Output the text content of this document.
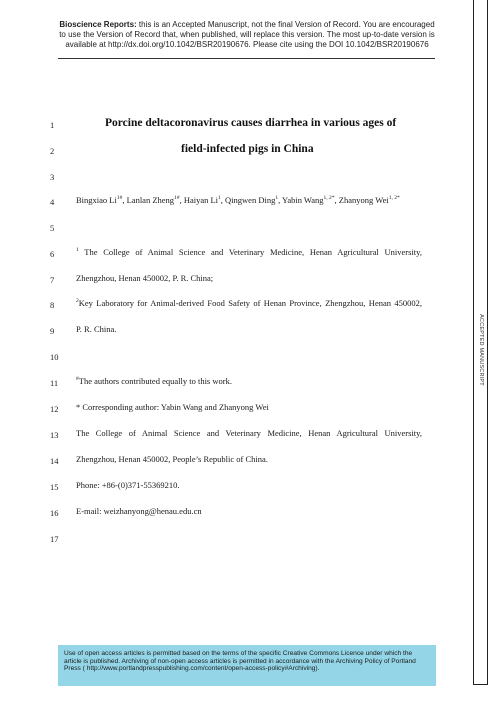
Bioscience Reports: this is an Accepted Manuscript, not the final Version of Record. You are encouraged to use the Version of Record that, when published, will replace this version. The most up-to-date version is available at http://dx.doi.org/10.1042/BSR20190676. Please cite using the DOI 10.1042/BSR20190676
ACCEPTED MANUSCRIPT
1
2
3
4
5
6
7
8
9
10
11
12
13
14
15
16
17
Porcine deltacoronavirus causes diarrhea in various ages of
field-infected pigs in China
Bingxiao $Li^{1\#}$, Lanlan Zheng$^{1\#}$, Haiyan Li$^1$, Qingwen Ding$^1$, Yabin Wang$^{1, 2*}$, Zhanyong Wei$^{1, 2*}$
$^1$ The College of Animal Science and Veterinary Medicine, Henan Agricultural University,
Zhengzhou, Henan 450002, P. R. China;
$^2$Key Laboratory for Animal-derived Food Safety of Henan Province, Zhengzhou, Henan 450002,
P. R. China.
#The authors contributed equally to this work.
* Corresponding author: Yabin Wang and Zhanyong Wei
The College of Animal Science and Veterinary Medicine, Henan Agricultural University,
Zhengzhou, Henan 450002, People’s Republic of China.
Phone: +86-(0)371-55369210.
E-mail: weizhanyong@henau.edu.cn
Use of open access articles is permitted based on the terms of the specific Creative Commons Licence under which the article is published. Archiving of non-open access articles is permitted in accordance with the Archiving Policy of Portland Press ( http://www.portlandpresspublishing.com/content/open-access-policy#Archiving).
